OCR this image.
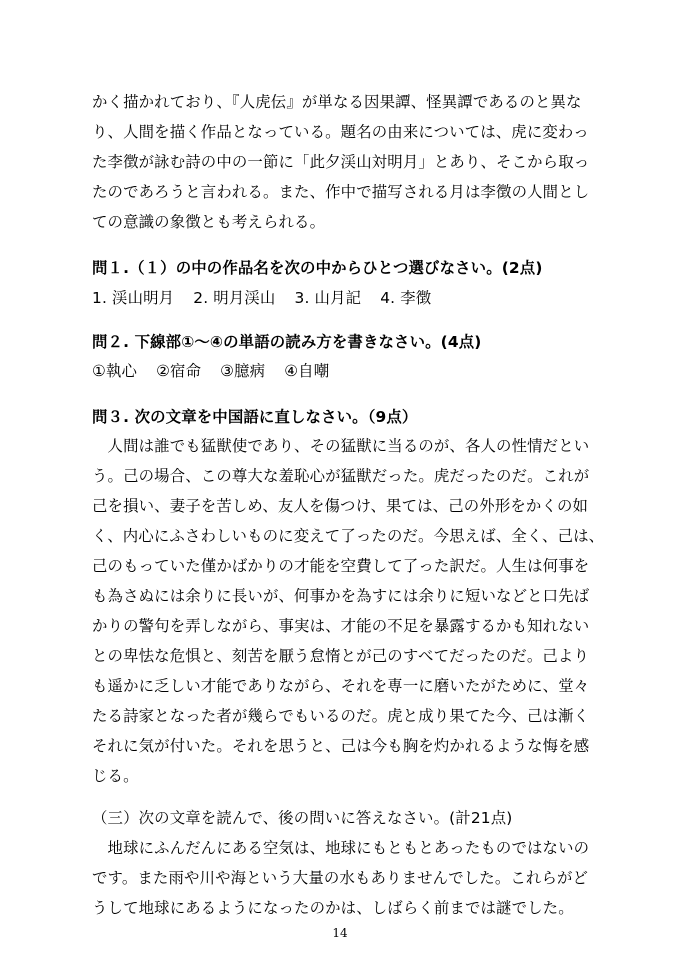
かく描かれており、『人虎伝』が単なる因果譚、怪異譚であるのと異な
り、人間を描く作品となっている。題名の由来については、虎に変わっ
た李徴が詠む詩の中の一節に「此夕渓山対明月」とあり、そこから取っ
たのであろうと言われる。また、作中で描写される月は李徴の人間とし
ての意識の象徴とも考えられる。
問１.（１）の中の作品名を次の中からひとつ選びなさい。(2点)
1. 渓山明月 2. 明月渓山 3. 山月記 4. 李徴
問２. 下線部①～④の単語の読み方を書きなさい。(4点)
①執心 ②宿命 ③臆病 ④自嘲
問３. 次の文章を中国語に直しなさい。（9点）
　人間は誰でも猛獣使であり、その猛獣に当るのが、各人の性情だとい
う。己の場合、この尊大な羞恥心が猛獣だった。虎だったのだ。これが
己を損い、妻子を苦しめ、友人を傷つけ、果ては、己の外形をかくの如
く、内心にふさわしいものに変えて了ったのだ。今思えば、全く、己は、
己のもっていた僅かばかりの才能を空費して了った訳だ。人生は何事を
も為さぬには余りに長いが、何事かを為すには余りに短いなどと口先ば
かりの警句を弄しながら、事実は、才能の不足を暴露するかも知れない
との卑怯な危惧と、刻苦を厭う怠惰とが己のすべてだったのだ。己より
も遥かに乏しい才能でありながら、それを専一に磨いたがために、堂々
たる詩家となった者が幾らでもいるのだ。虎と成り果てた今、己は漸く
それに気が付いた。それを思うと、己は今も胸を灼かれるような悔を感
じる。
（三）次の文章を読んで、後の問いに答えなさい。(計21点)
　地球にふんだんにある空気は、地球にもともとあったものではないの
です。また雨や川や海という大量の水もありませんでした。これらがど
うして地球にあるようになったのかは、しばらく前までは謎でした。
14
